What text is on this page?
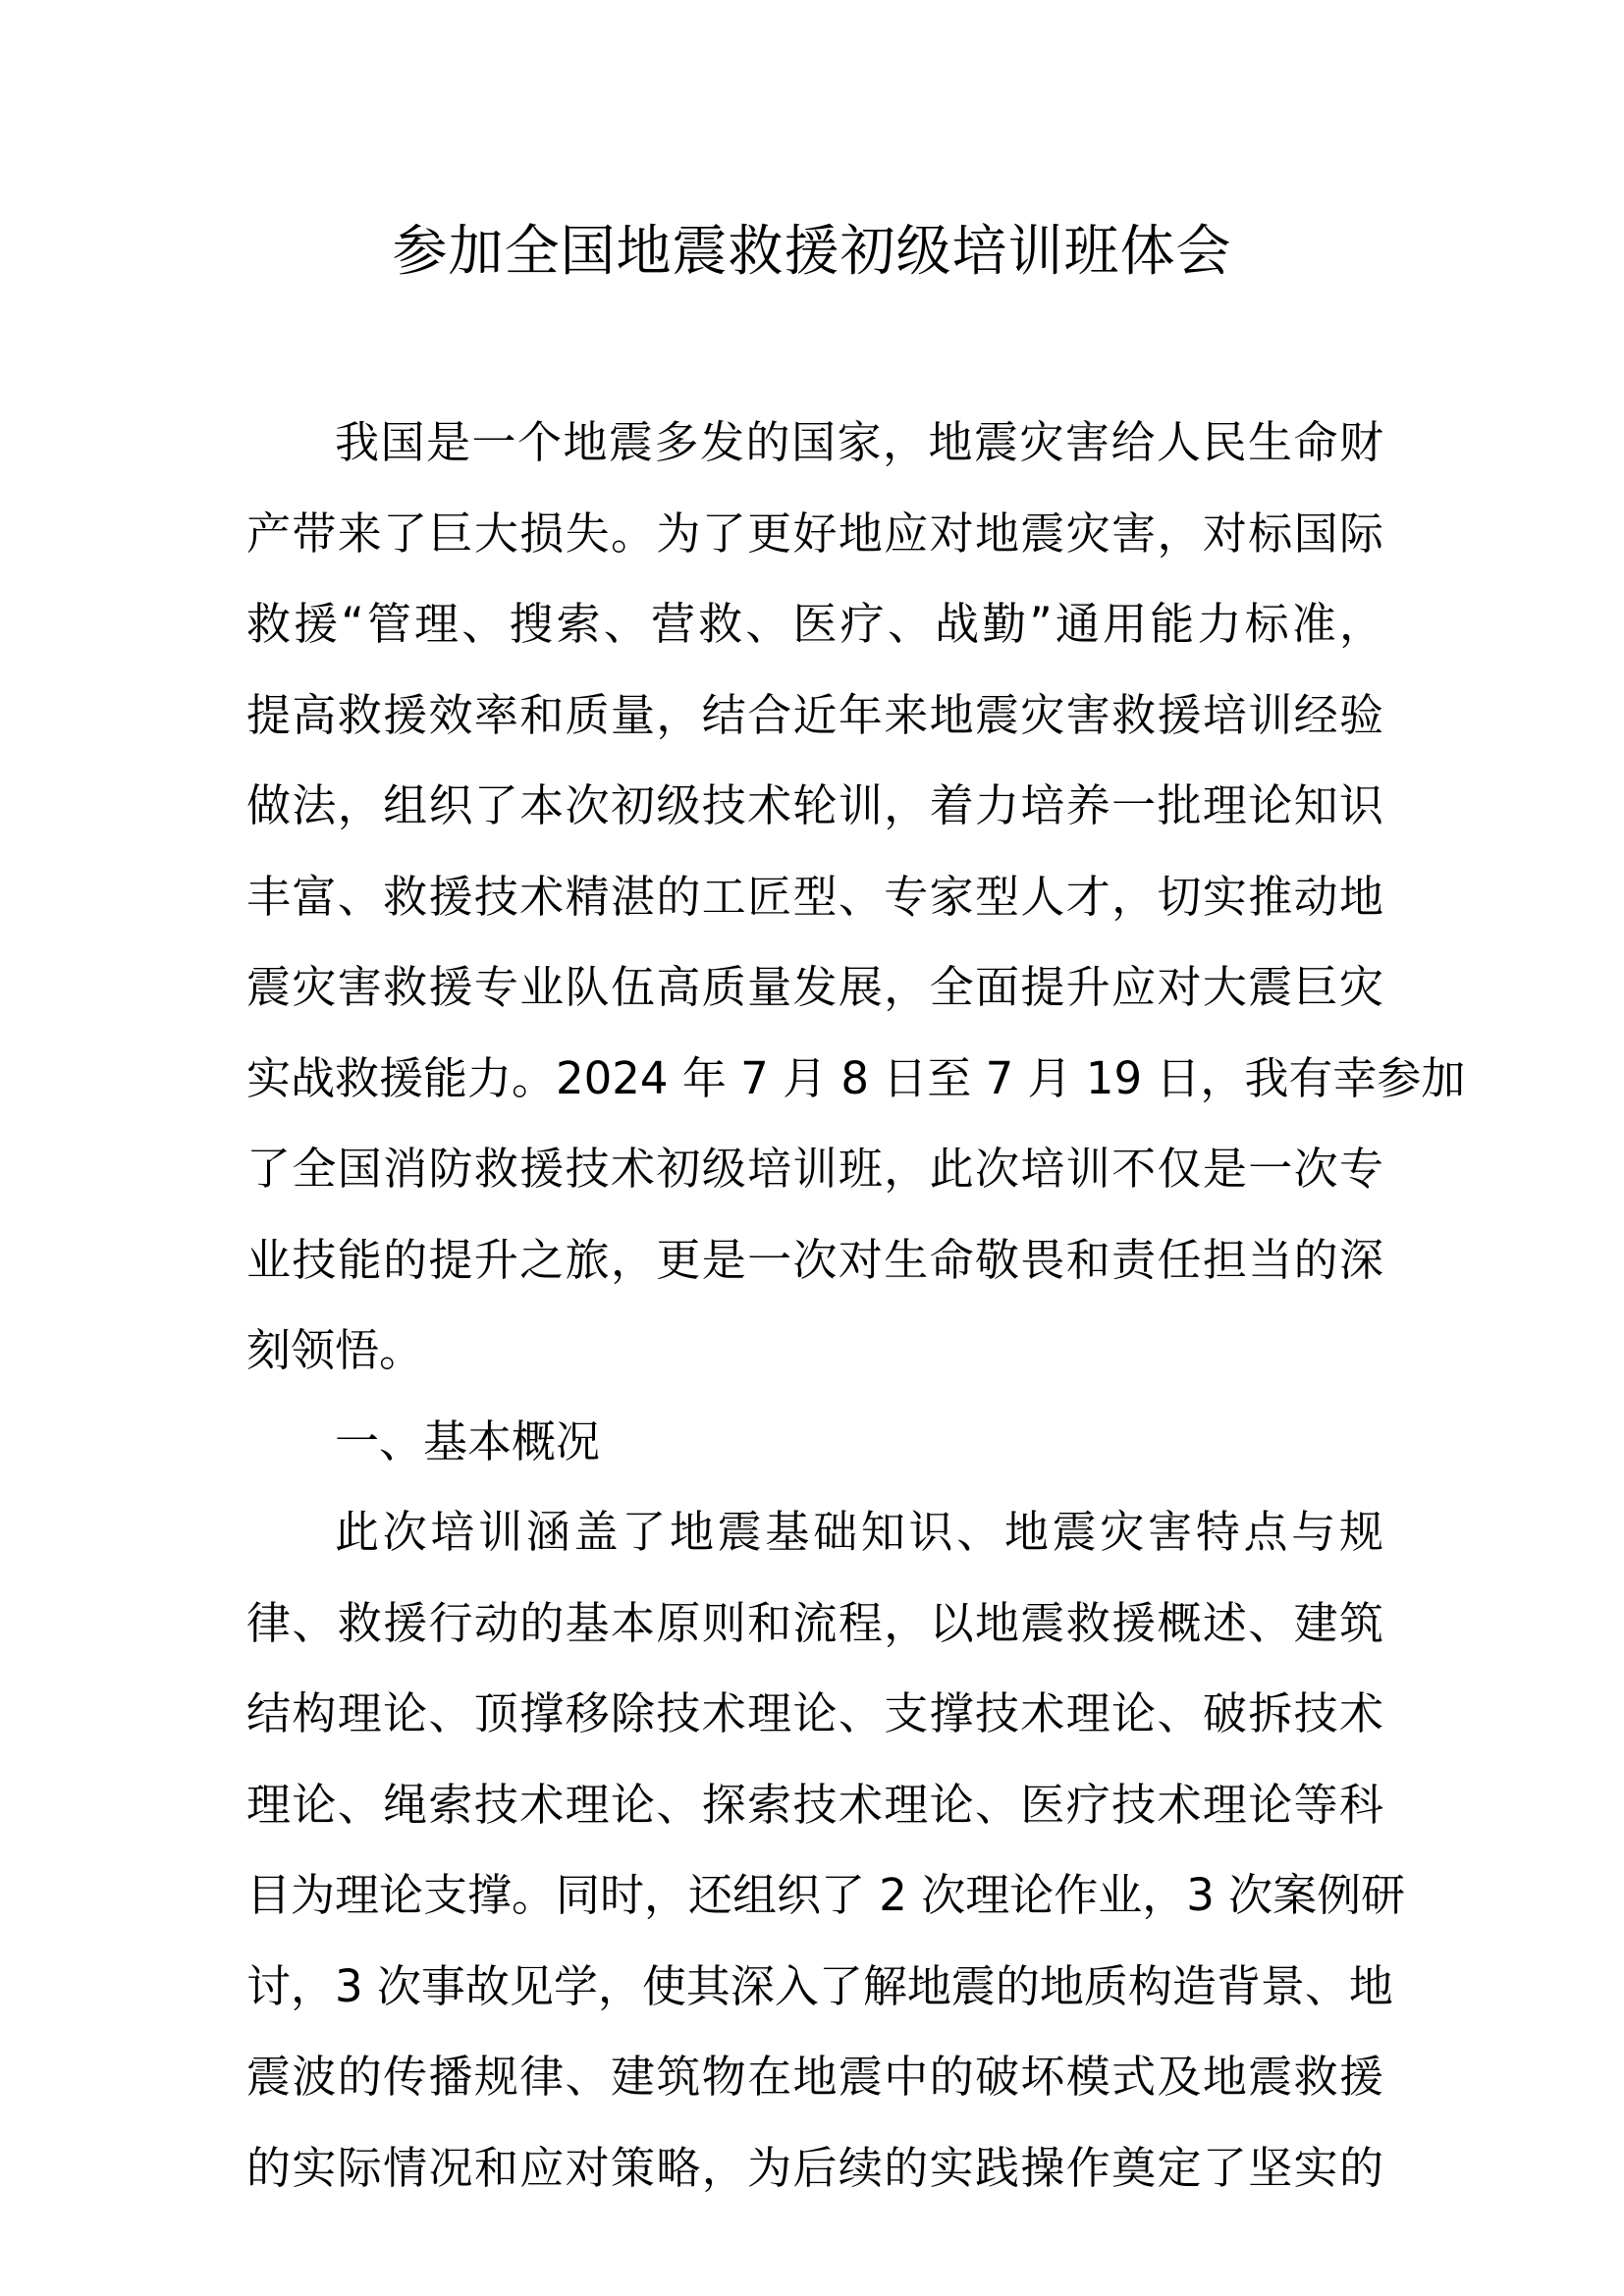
参加全国地震救援初级培训班体会
我国是一个地震多发的国家，地震灾害给人民生命财
产带来了巨大损失。为了更好地应对地震灾害，对标国际
救援“管理、搜索、营救、医疗、战勤”通用能力标准，
提高救援效率和质量，结合近年来地震灾害救援培训经验
做法，组织了本次初级技术轮训，着力培养一批理论知识
丰富、救援技术精湛的工匠型、专家型人才，切实推动地
震灾害救援专业队伍高质量发展，全面提升应对大震巨灾
实战救援能力。2024 年 7 月 8 日至 7 月 19 日，我有幸参加
了全国消防救援技术初级培训班，此次培训不仅是一次专
业技能的提升之旅，更是一次对生命敬畏和责任担当的深
刻领悟。
一、基本概况
此次培训涵盖了地震基础知识、地震灾害特点与规
律、救援行动的基本原则和流程，以地震救援概述、建筑
结构理论、顶撑移除技术理论、支撑技术理论、破拆技术
理论、绳索技术理论、探索技术理论、医疗技术理论等科
目为理论支撑。同时，还组织了 2 次理论作业，3 次案例研
讨，3 次事故见学，使其深入了解地震的地质构造背景、地
震波的传播规律、建筑物在地震中的破坏模式及地震救援
的实际情况和应对策略，为后续的实践操作奠定了坚实的
